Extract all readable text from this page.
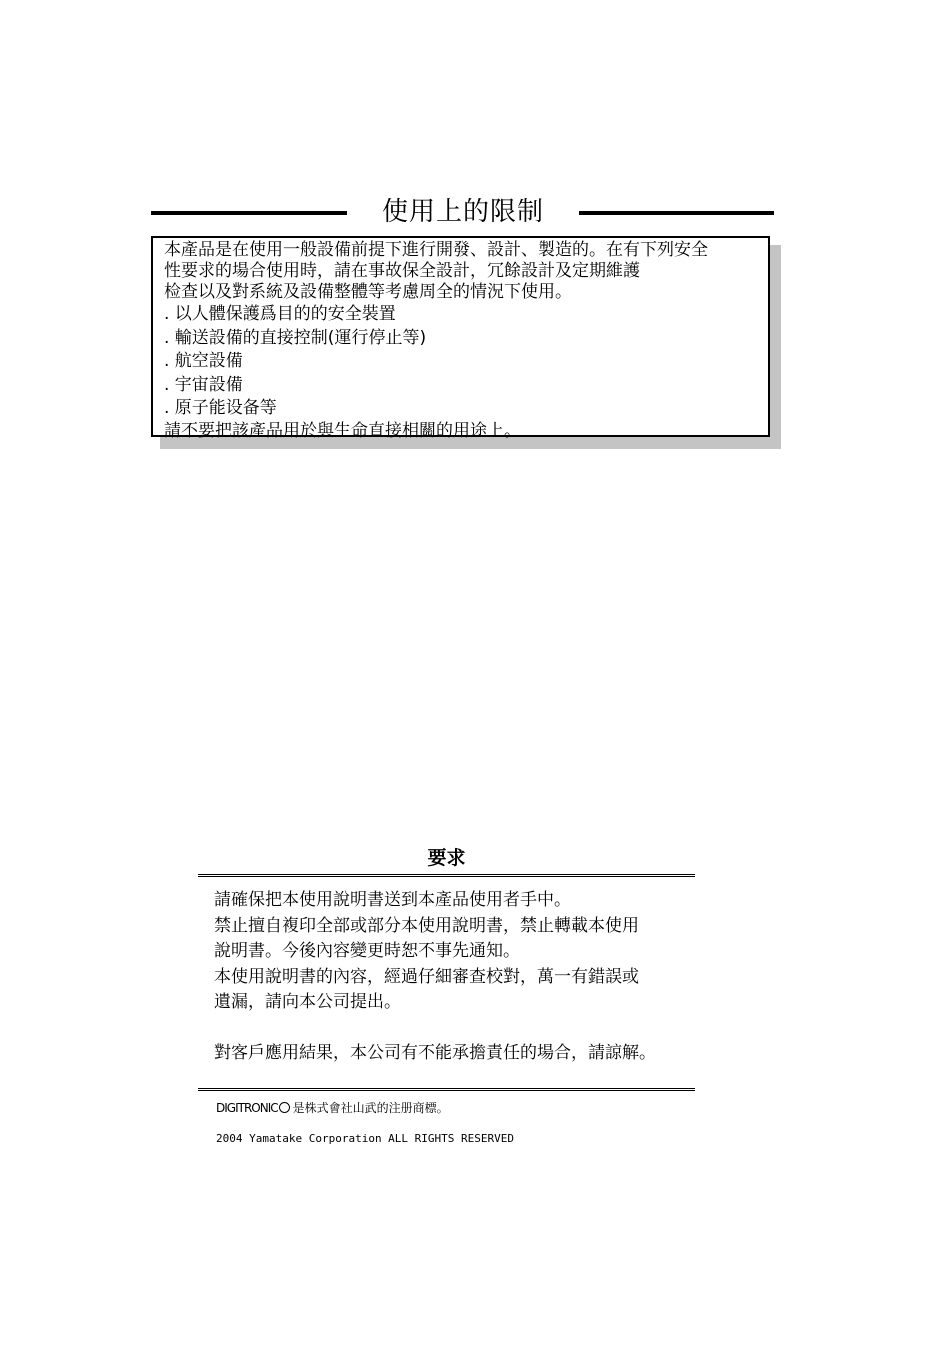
使用上的限制
本產品是在使用一般設備前提下進行開發、設計、製造的。在有下列安全
性要求的場合使用時，請在事故保全設計，冗餘設計及定期維護
检查以及對系統及設備整體等考慮周全的情況下使用。
. 以人體保護爲目的的安全裝置
. 輸送設備的直接控制(運行停止等)
. 航空設備
. 宇宙設備
. 原子能设备等
請不要把該產品用於與生命直接相關的用途上。
要求
請確保把本使用說明書送到本產品使用者手中。
禁止擅自複印全部或部分本使用說明書，禁止轉載本使用
說明書。今後內容變更時恕不事先通知。
本使用說明書的內容，經過仔細審查校對，萬一有錯誤或
遺漏，請向本公司提出。
對客戶應用結果，本公司有不能承擔責任的場合，請諒解。
DIGITRONIC 是株式會社山武的注册商標。
2004 Yamatake Corporation ALL RIGHTS RESERVED
